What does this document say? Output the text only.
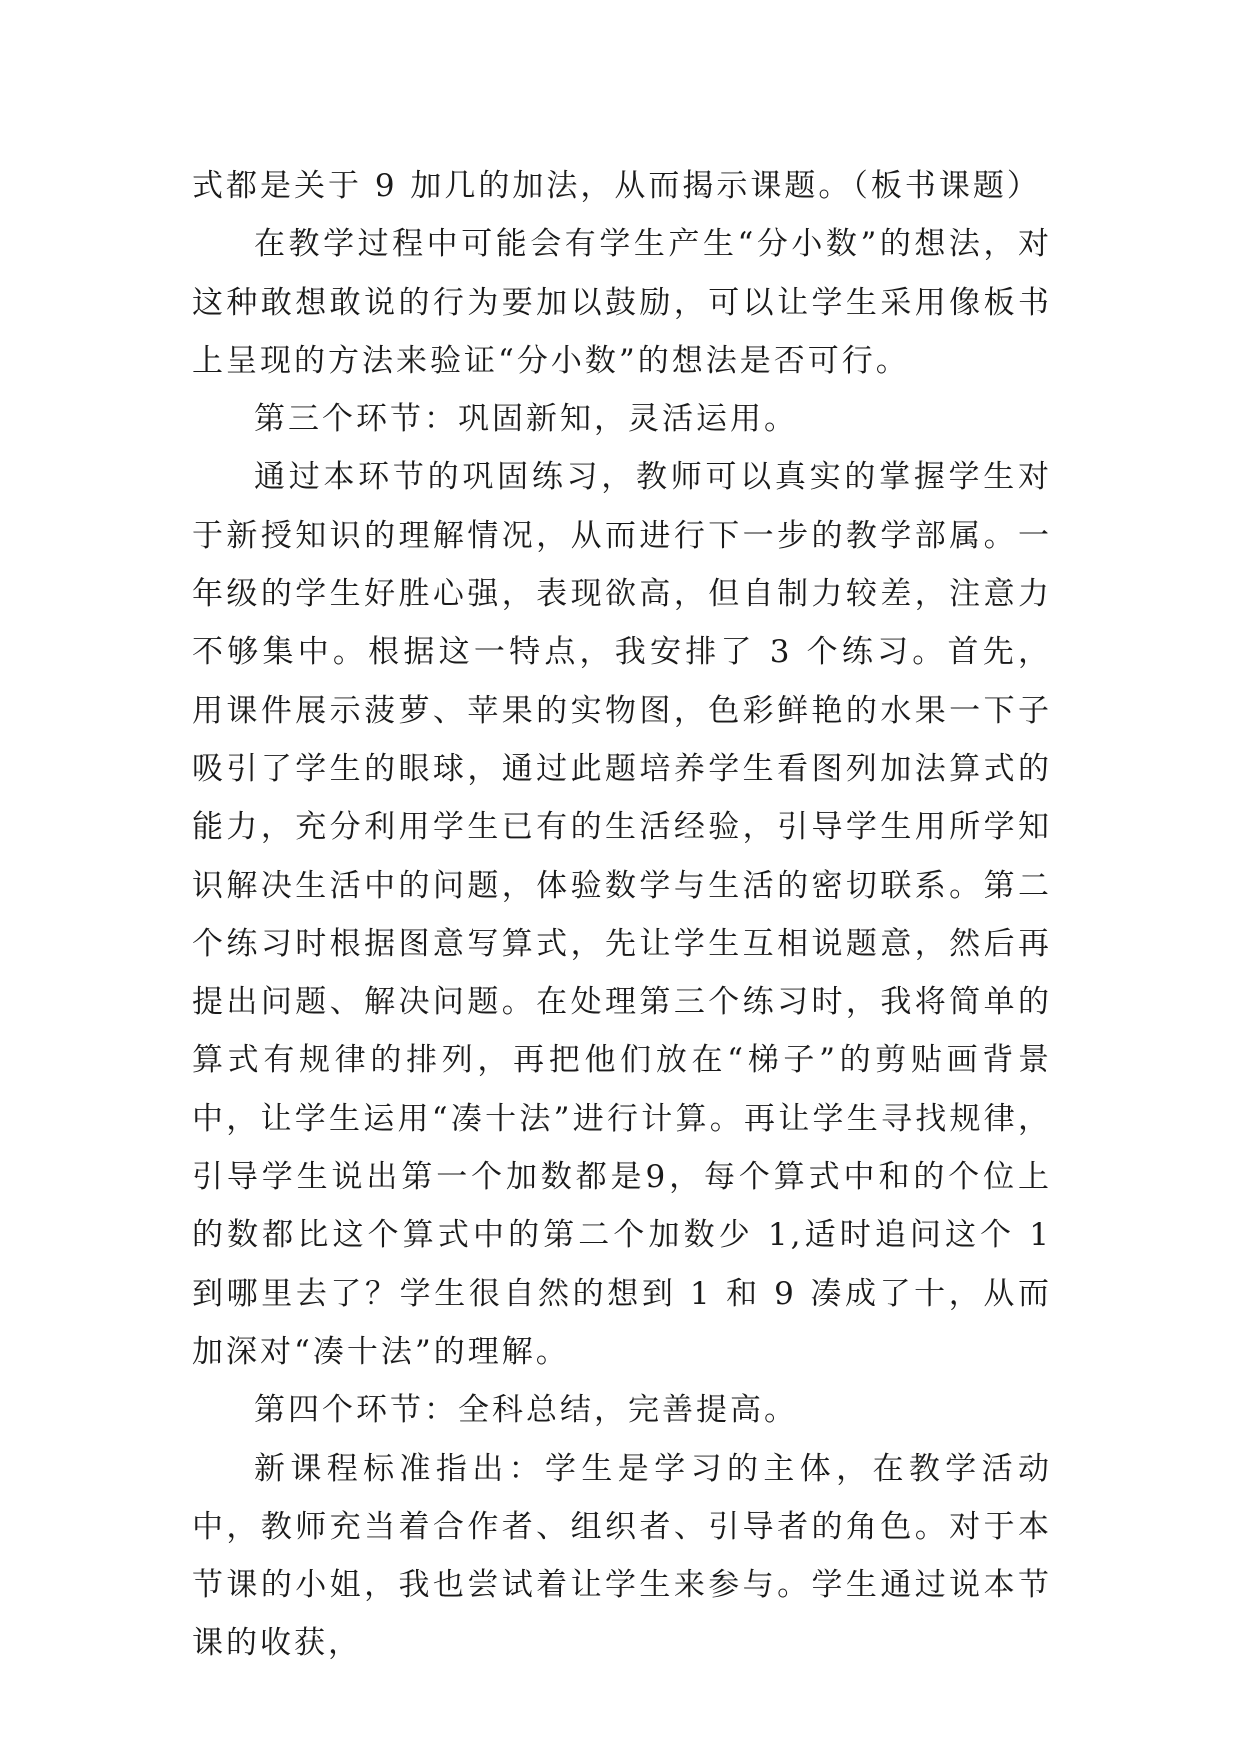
式都是关于 9 加几的加法，从而揭示课题。（板书课题）

在教学过程中可能会有学生产生“分小数”的想法，对这种敢想敢说的行为要加以鼓励，可以让学生采用像板书上呈现的方法来验证“分小数”的想法是否可行。

第三个环节：巩固新知，灵活运用。

通过本环节的巩固练习，教师可以真实的掌握学生对于新授知识的理解情况，从而进行下一步的教学部属。一年级的学生好胜心强，表现欲高，但自制力较差，注意力不够集中。根据这一特点，我安排了 3 个练习。首先，用课件展示菠萝、苹果的实物图，色彩鲜艳的水果一下子吸引了学生的眼球，通过此题培养学生看图列加法算式的能力，充分利用学生已有的生活经验，引导学生用所学知识解决生活中的问题，体验数学与生活的密切联系。第二个练习时根据图意写算式，先让学生互相说题意，然后再提出问题、解决问题。在处理第三个练习时，我将简单的算式有规律的排列，再把他们放在“梯子”的剪贴画背景中，让学生运用“凑十法”进行计算。再让学生寻找规律，引导学生说出第一个加数都是9，每个算式中和的个位上的数都比这个算式中的第二个加数少 1,适时追问这个 1 到哪里去了？学生很自然的想到 1 和 9 凑成了十，从而加深对“凑十法”的理解。

第四个环节：全科总结，完善提高。

新课程标准指出：学生是学习的主体，在教学活动中，教师充当着合作者、组织者、引导者的角色。对于本节课的小姐，我也尝试着让学生来参与。学生通过说本节课的收获，
